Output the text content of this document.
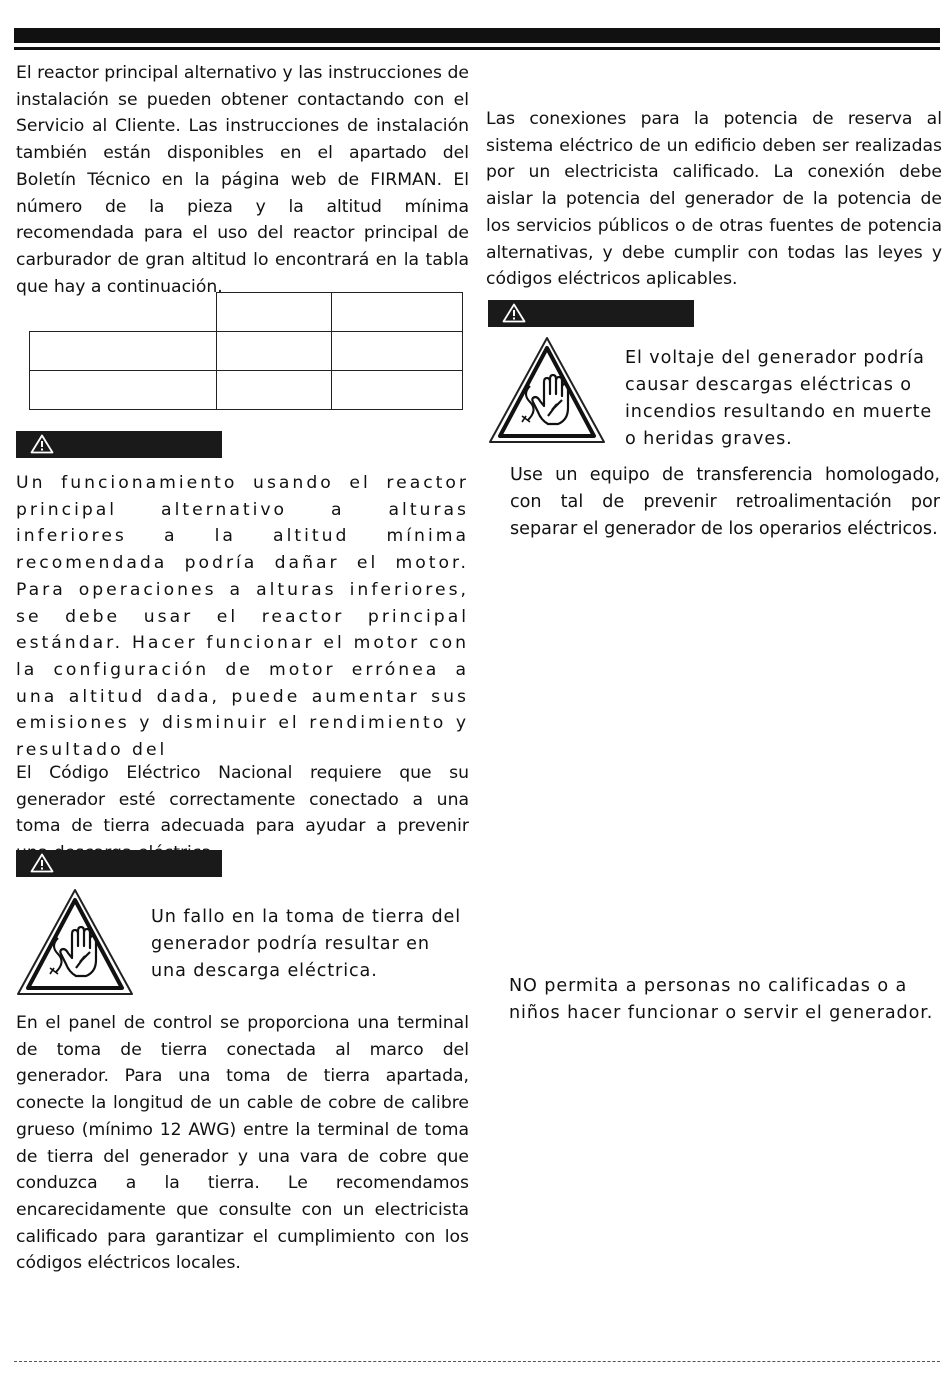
El reactor principal alternativo y las instrucciones de instalación se pueden obtener contactando con el Servicio al Cliente. Las instrucciones de instalación también están disponibles en el apartado del Boletín Técnico en la página web de FIRMAN. El número de la pieza y la altitud mínima recomendada para el uso del reactor principal de carburador de gran altitud lo encontrará en la tabla que hay a continuación.

Un funcionamiento usando el reactor principal alternativo a alturas inferiores a la altitud mínima recomendada podría dañar el motor. Para operaciones a alturas inferiores, se debe usar el reactor principal estándar. Hacer funcionar el motor con la configuración de motor errónea a una altitud dada, puede aumentar sus emisiones y disminuir el rendimiento y resultado del

El Código Eléctrico Nacional requiere que su generador esté correctamente conectado a una toma de tierra adecuada para ayudar a prevenir

Un fallo en la toma de tierra del generador podría resultar en una descarga eléctrica.

En el panel de control se proporciona una terminal de toma de tierra conectada al marco del generador. Para una toma de tierra apartada, conecte la longitud de un cable de cobre de calibre grueso (mínimo 12 AWG) entre la terminal de toma de tierra del generador y una vara de cobre que conduzca a la tierra. Le recomendamos encarecidamente que consulte con un electricista calificado para garantizar el cumplimiento con los códigos eléctricos locales.

Las conexiones para la potencia de reserva al sistema eléctrico de un edificio deben ser realizadas por un electricista calificado. La conexión debe aislar la potencia del generador de la potencia de los servicios públicos o de otras fuentes de potencia alternativas, y debe cumplir con todas las leyes y códigos eléctricos aplicables.

El voltaje del generador podría causar descargas eléctricas o incendios resultando en muerte o heridas graves.

Use un equipo de transferencia homologado, con tal de prevenir retroalimentación por separar el generador de los operarios eléctricos.

NO permita a personas no calificadas o a niños hacer funcionar o servir el generador.
